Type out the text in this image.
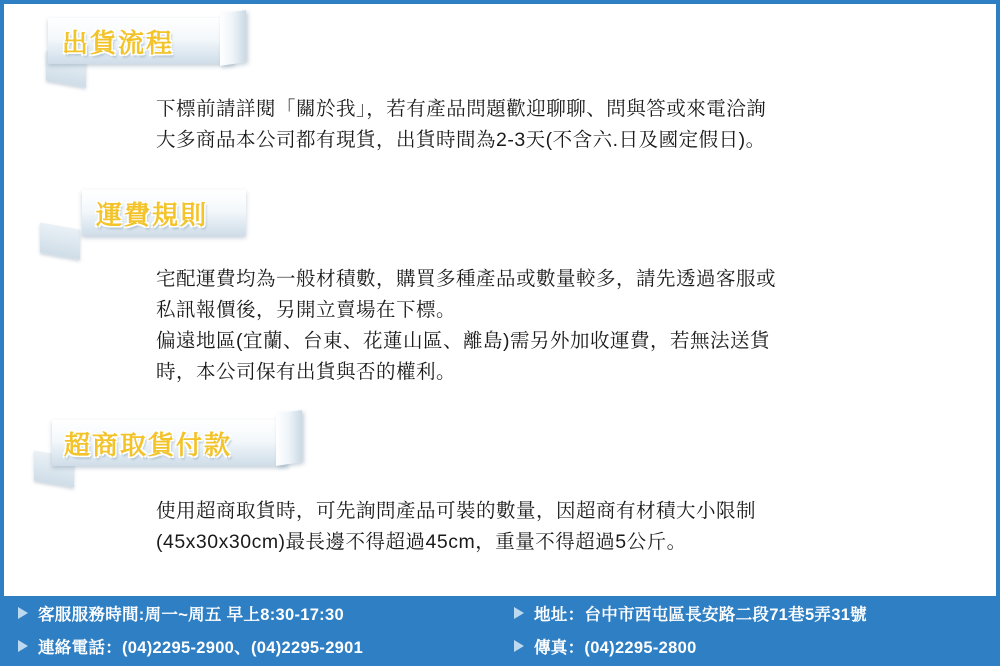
出貨流程

下標前請詳閱「關於我」，若有產品問題歡迎聊聊、問與答或來電洽詢

大多商品本公司都有現貨，出貨時間為2-3天(不含六.日及國定假日)。

運費規則

宅配運費均為一般材積數，購買多種產品或數量較多，請先透過客服或

私訊報價後，另開立賣場在下標。

偏遠地區(宜蘭、台東、花蓮山區、離島)需另外加收運費，若無法送貨

時，本公司保有出貨與否的權利。

超商取貨付款

使用超商取貨時，可先詢問產品可裝的數量，因超商有材積大小限制

(45x30x30cm)最長邊不得超過45cm，重量不得超過5公斤。

客服服務時間:周一~周五 早上8:30-17:30	地址：台中市西屯區長安路二段71巷5弄31號
連絡電話：(04)2295-2900、(04)2295-2901	傳真：(04)2295-2800
